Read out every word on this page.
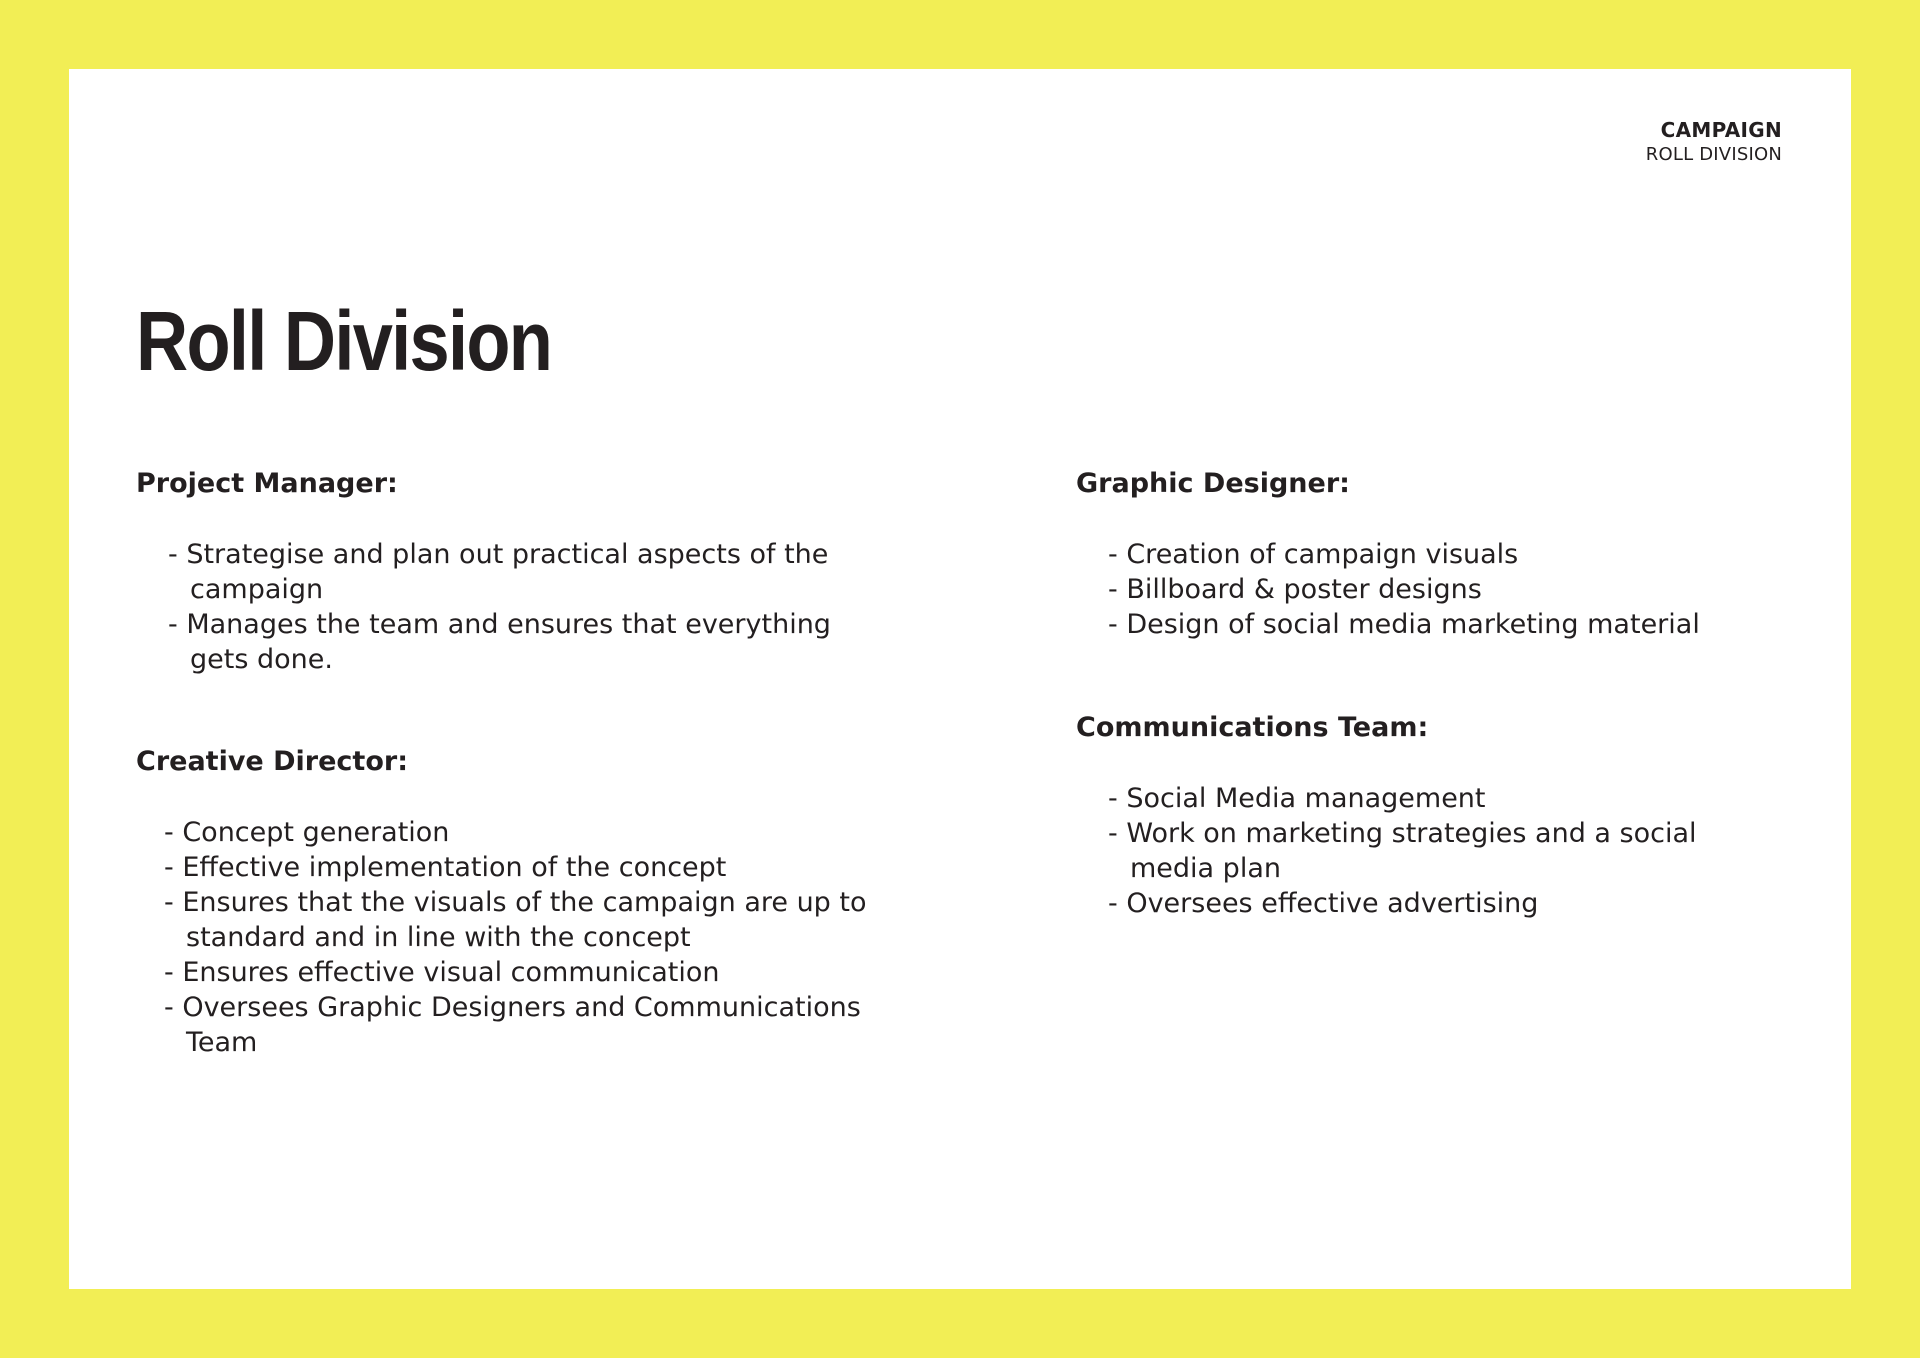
CAMPAIGN
ROLL DIVISION
Roll Division
Project Manager:
- Strategise and plan out practical aspects of the campaign
- Manages the team and ensures that everything gets done.
Creative Director:
- Concept generation
- Effective implementation of the concept
- Ensures that the visuals of the campaign are up to standard and in line with the concept
- Ensures effective visual communication
- Oversees Graphic Designers and Communications Team
Graphic Designer:
- Creation of campaign visuals
- Billboard & poster designs
- Design of social media marketing material
Communications Team:
- Social Media management
- Work on marketing strategies and a social media plan
- Oversees effective advertising
